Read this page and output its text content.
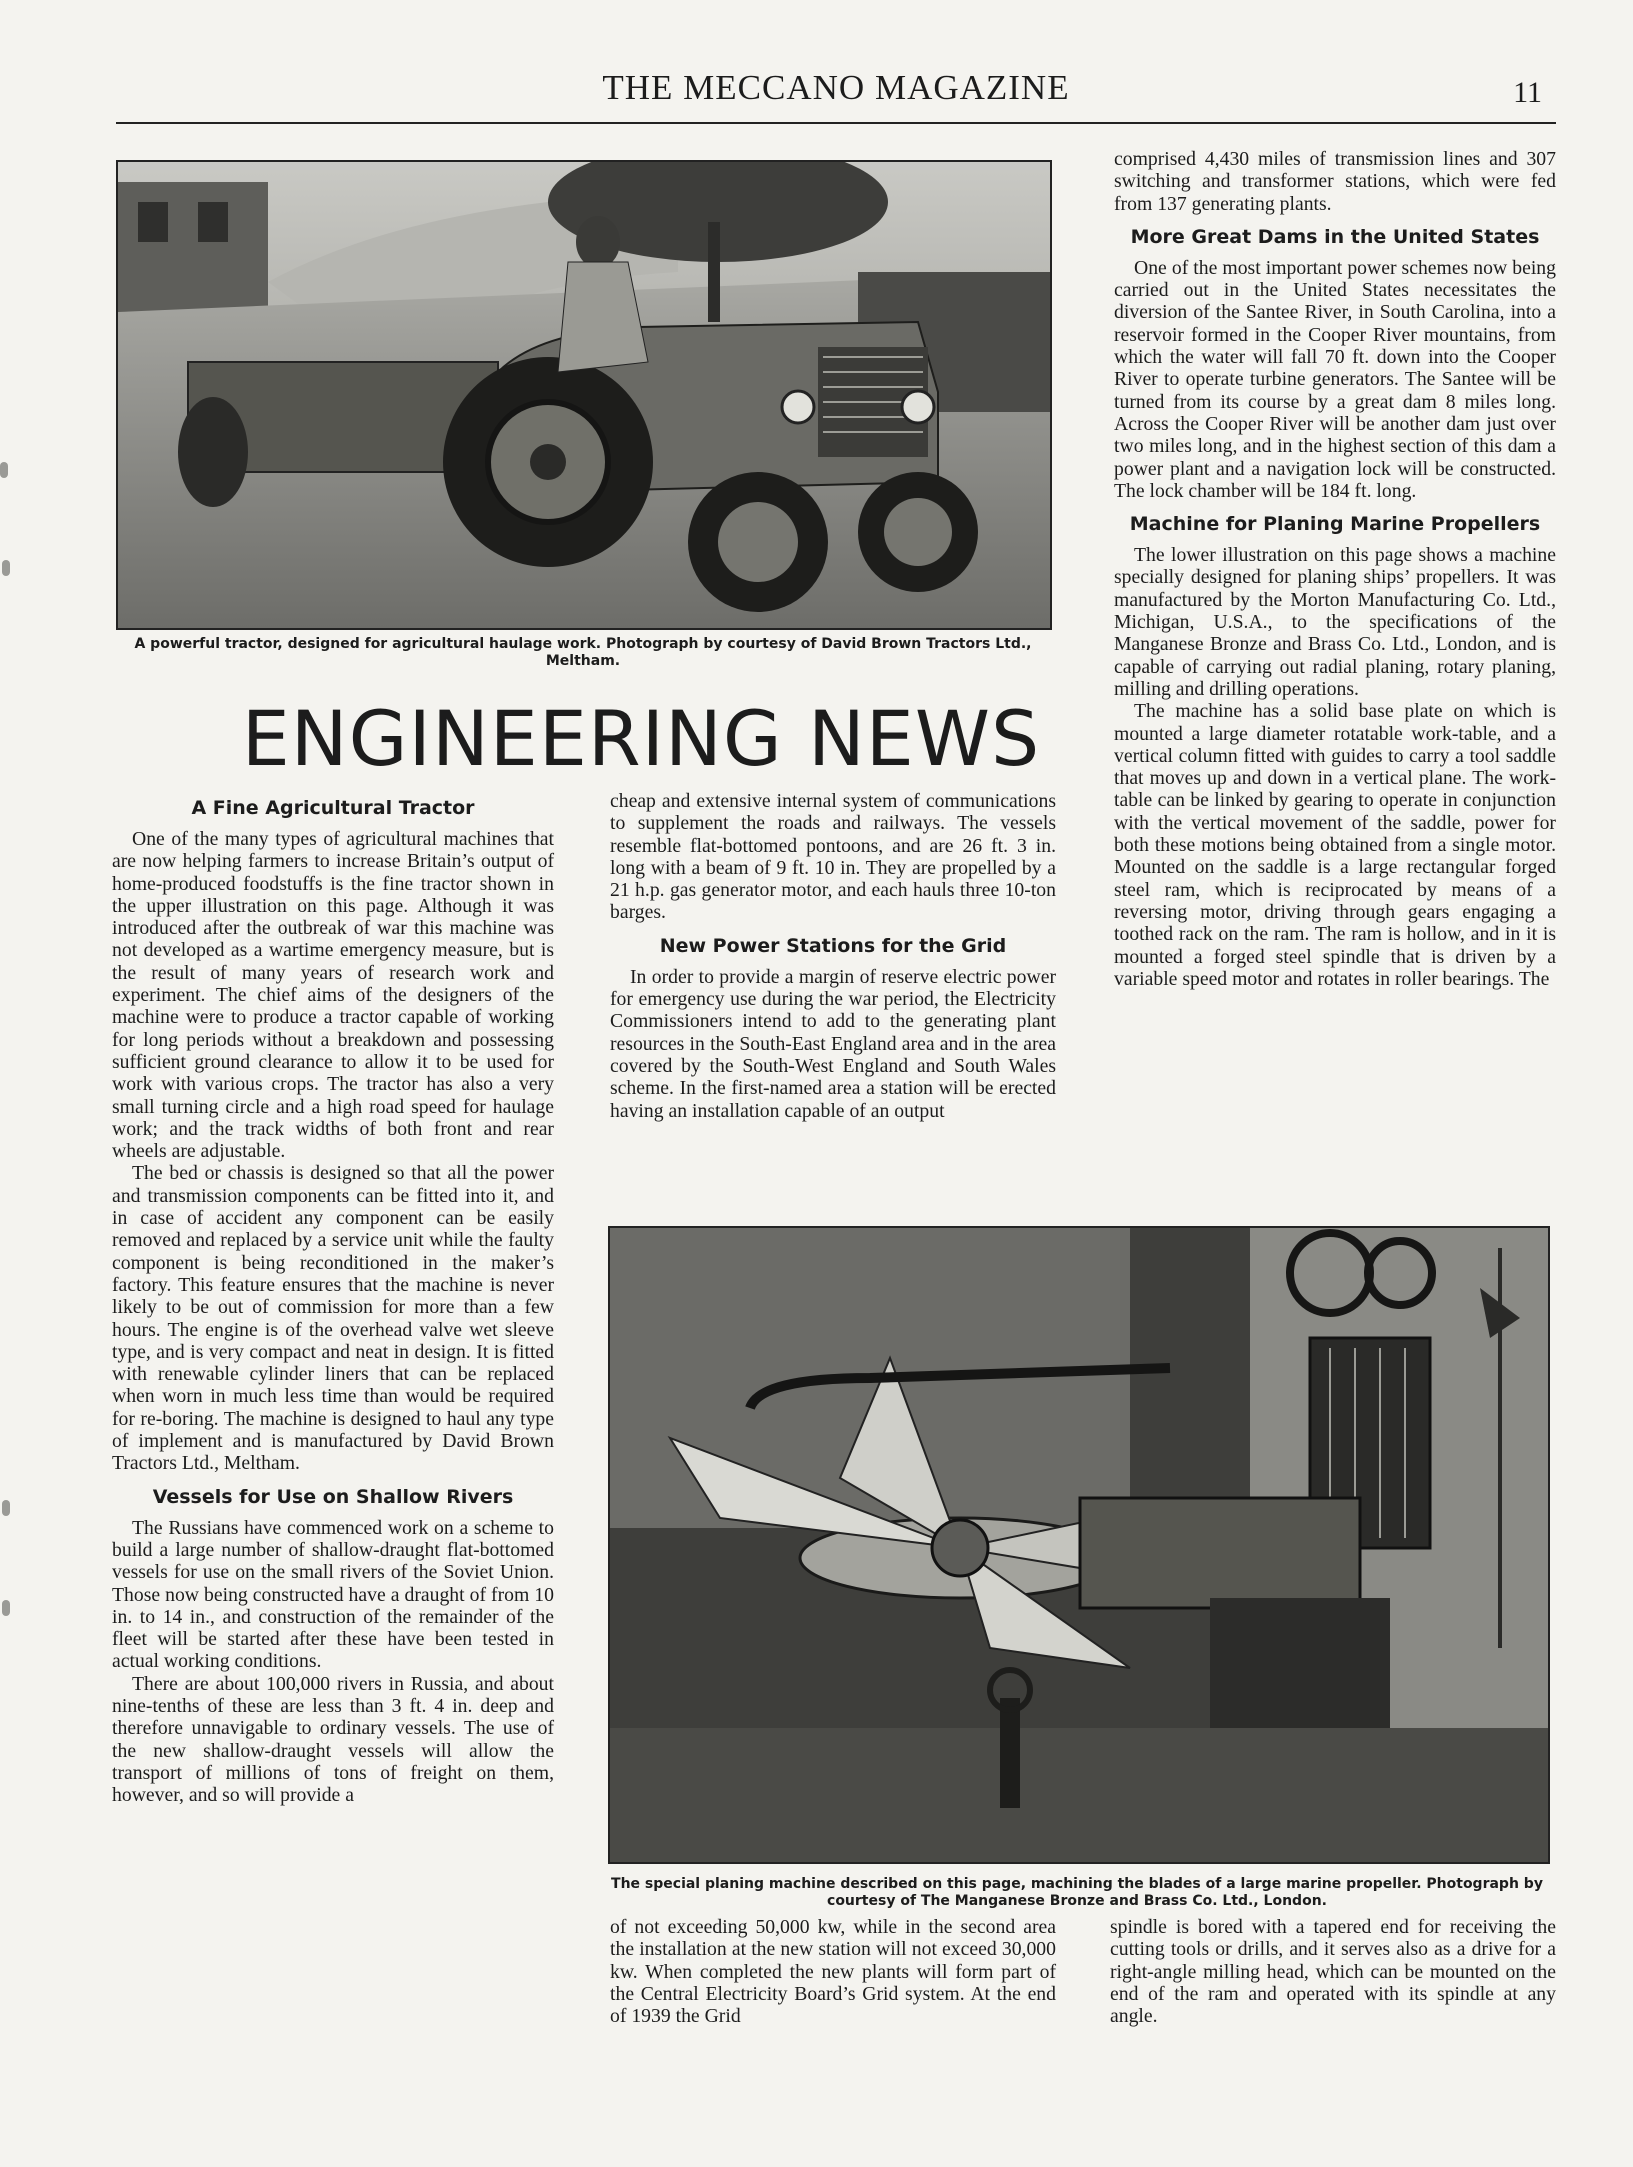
THE MECCANO MAGAZINE	11
A powerful tractor, designed for agricultural haulage work. Photograph by courtesy of David Brown Tractors Ltd., Meltham.
ENGINEERING NEWS
A Fine Agricultural Tractor

One of the many types of agricultural machines that are now helping farmers to increase Britain’s output of home-produced foodstuffs is the fine tractor shown in the upper illustration on this page. Although it was introduced after the outbreak of war this machine was not developed as a wartime emergency measure, but is the result of many years of research work and experiment. The chief aims of the designers of the machine were to produce a tractor capable of working for long periods without a breakdown and possessing sufficient ground clearance to allow it to be used for work with various crops. The tractor has also a very small turning circle and a high road speed for haulage work; and the track widths of both front and rear wheels are adjustable.

The bed or chassis is designed so that all the power and transmission components can be fitted into it, and in case of accident any component can be easily removed and replaced by a service unit while the faulty component is being reconditioned in the maker’s factory. This feature ensures that the machine is never likely to be out of commission for more than a few hours. The engine is of the overhead valve wet sleeve type, and is very compact and neat in design. It is fitted with renewable cylinder liners that can be replaced when worn in much less time than would be required for re-boring. The machine is designed to haul any type of implement and is manufactured by David Brown Tractors Ltd., Meltham.

Vessels for Use on Shallow Rivers

The Russians have commenced work on a scheme to build a large number of shallow-draught flat-bottomed vessels for use on the small rivers of the Soviet Union. Those now being constructed have a draught of from 10 in. to 14 in., and construction of the remainder of the fleet will be started after these have been tested in actual working conditions.

There are about 100,000 rivers in Russia, and about nine-tenths of these are less than 3 ft. 4 in. deep and therefore unnavigable to ordinary vessels. The use of the new shallow-draught vessels will allow the transport of millions of tons of freight on them, however, and so will provide a

cheap and extensive internal system of communications to supplement the roads and railways. The vessels resemble flat-bottomed pontoons, and are 26 ft. 3 in. long with a beam of 9 ft. 10 in. They are propelled by a 21 h.p. gas generator motor, and each hauls three 10-ton barges.

New Power Stations for the Grid

In order to provide a margin of reserve electric power for emergency use during the war period, the Electricity Commissioners intend to add to the generating plant resources in the South-East England area and in the area covered by the South-West England and South Wales scheme. In the first-named area a station will be erected having an installation capable of an output

comprised 4,430 miles of transmission lines and 307 switching and transformer stations, which were fed from 137 generating plants.

More Great Dams in the United States

One of the most important power schemes now being carried out in the United States necessitates the diversion of the Santee River, in South Carolina, into a reservoir formed in the Cooper River mountains, from which the water will fall 70 ft. down into the Cooper River to operate turbine generators. The Santee will be turned from its course by a great dam 8 miles long. Across the Cooper River will be another dam just over two miles long, and in the highest section of this dam a power plant and a navigation lock will be constructed. The lock chamber will be 184 ft. long.

Machine for Planing Marine Propellers

The lower illustration on this page shows a machine specially designed for planing ships’ propellers. It was manufactured by the Morton Manufacturing Co. Ltd., Michigan, U.S.A., to the specifications of the Manganese Bronze and Brass Co. Ltd., London, and is capable of carrying out radial planing, rotary planing, milling and drilling operations.

The machine has a solid base plate on which is mounted a large diameter rotatable work-table, and a vertical column fitted with guides to carry a tool saddle that moves up and down in a vertical plane. The work-table can be linked by gearing to operate in conjunction with the vertical movement of the saddle, power for both these motions being obtained from a single motor. Mounted on the saddle is a large rectangular forged steel ram, which is reciprocated by means of a reversing motor, driving through gears engaging a toothed rack on the ram. The ram is hollow, and in it is mounted a forged steel spindle that is driven by a variable speed motor and rotates in roller bearings. The

The special planing machine described on this page, machining the blades of a large marine propeller. Photograph by courtesy of The Manganese Bronze and Brass Co. Ltd., London.

of not exceeding 50,000 kw, while in the second area the installation at the new station will not exceed 30,000 kw. When completed the new plants will form part of the Central Electricity Board’s Grid system. At the end of 1939 the Grid

spindle is bored with a tapered end for receiving the cutting tools or drills, and it serves also as a drive for a right-angle milling head, which can be mounted on the end of the ram and operated with its spindle at any angle.
